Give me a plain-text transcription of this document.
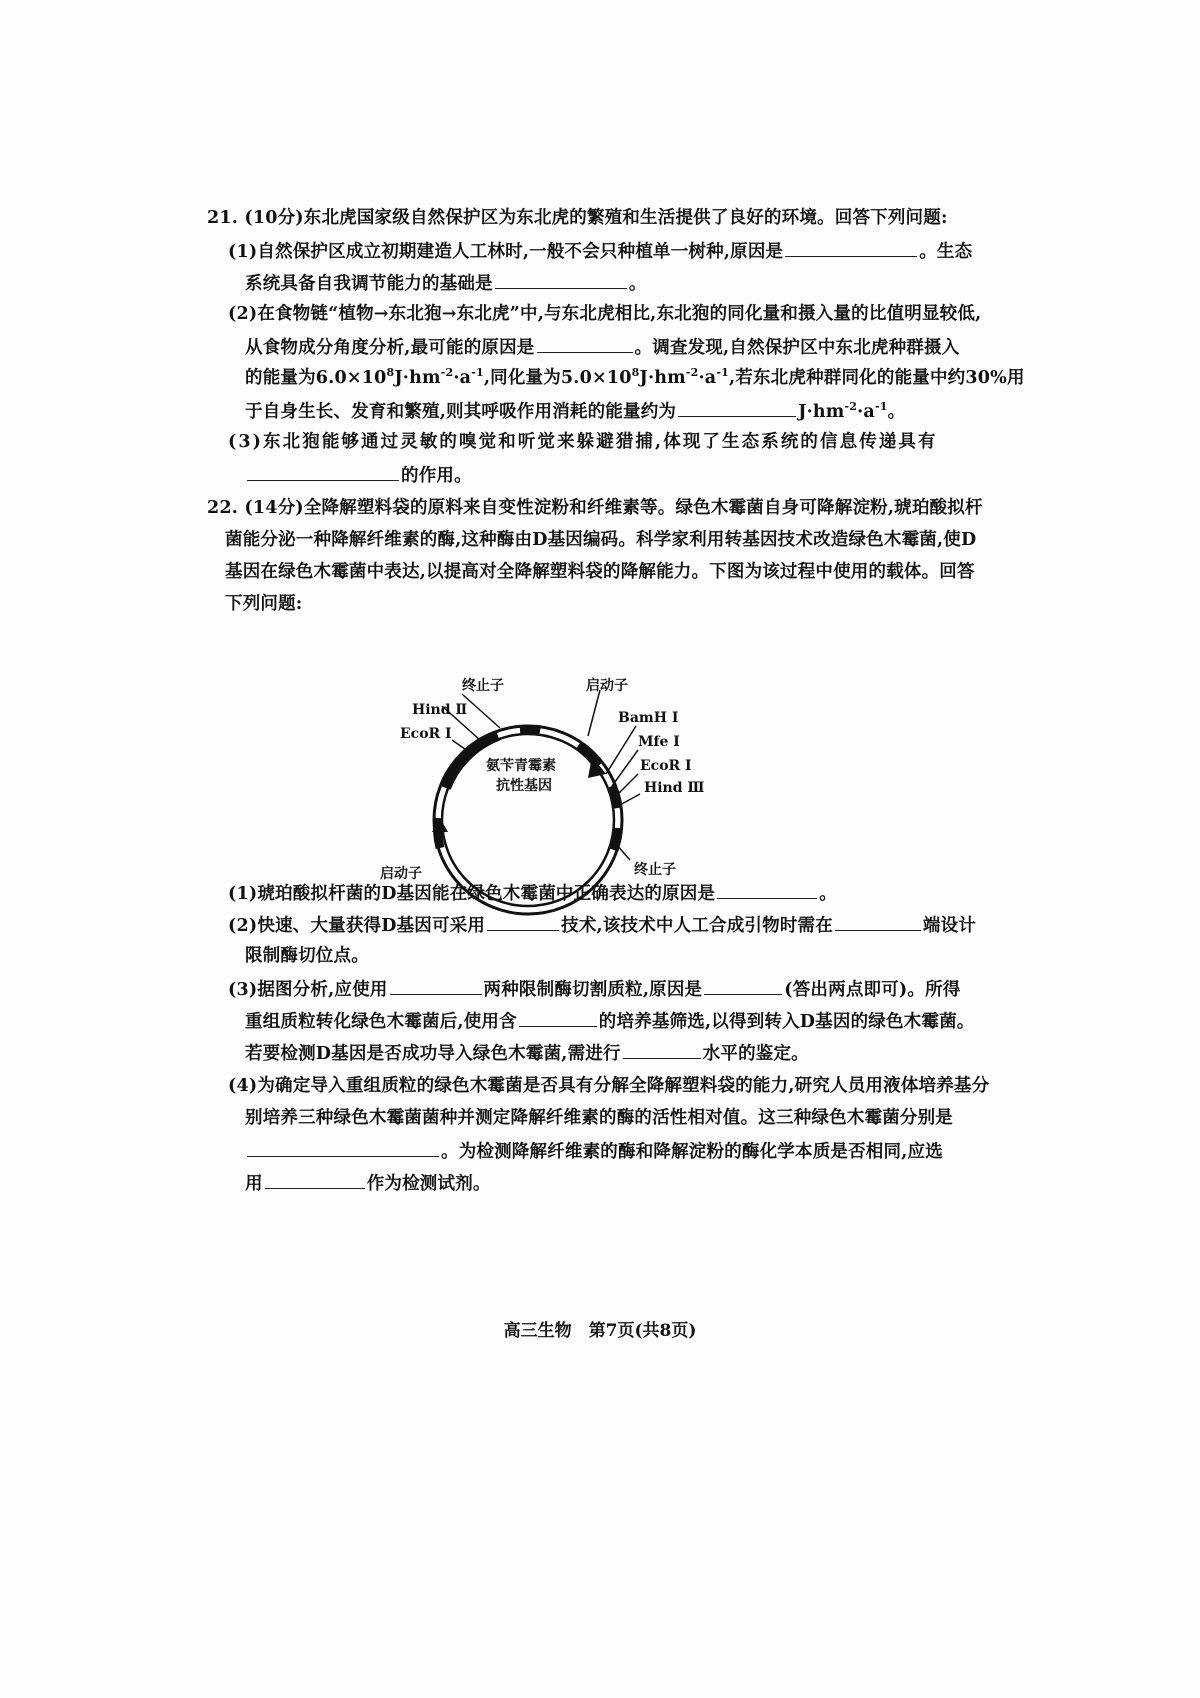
21. (10分)东北虎国家级自然保护区为东北虎的繁殖和生活提供了良好的环境。回答下列问题:
(1)自然保护区成立初期建造人工林时,一般不会只种植单一树种,原因是	。生态
系统具备自我调节能力的基础是	。
(2)在食物链“植物→东北狍→东北虎”中,与东北虎相比,东北狍的同化量和摄入量的比值明显较低,
从食物成分角度分析,最可能的原因是	。调查发现,自然保护区中东北虎种群摄入
的能量为$6.0\times 10^8J\cdot hm^{-2}\cdot a^{-1}$,同化量为$5.0\times 10^8J\cdot hm^{-2}\cdot a^{-1}$,若东北虎种群同化的能量中约30%用
于自身生长、发育和繁殖,则其呼吸作用消耗的能量约为	$J\cdot hm^{-2}\cdot a^{-1}$。
(3)东北狍能够通过灵敏的嗅觉和听觉来躲避猎捕,体现了生态系统的信息传递具有
的作用。
22. (14分)全降解塑料袋的原料来自变性淀粉和纤维素等。绿色木霉菌自身可降解淀粉,琥珀酸拟杆
菌能分泌一种降解纤维素的酶,这种酶由D基因编码。科学家利用转基因技术改造绿色木霉菌,使D
基因在绿色木霉菌中表达,以提高对全降解塑料袋的降解能力。下图为该过程中使用的载体。回答
下列问题:
终止子	启动子
Hind Ⅱ
EcoR I
BamH I
Mfe I
EcoR I
Hind Ⅲ
氨苄青霉素
抗性基因
启动子	终止子
(1)琥珀酸拟杆菌的D基因能在绿色木霉菌中正确表达的原因是	。
(2)快速、大量获得D基因可采用	技术,该技术中人工合成引物时需在	端设计
限制酶切位点。
(3)据图分析,应使用	两种限制酶切割质粒,原因是	(答出两点即可)。所得
重组质粒转化绿色木霉菌后,使用含	的培养基筛选,以得到转入D基因的绿色木霉菌。
若要检测D基因是否成功导入绿色木霉菌,需进行	水平的鉴定。
(4)为确定导入重组质粒的绿色木霉菌是否具有分解全降解塑料袋的能力,研究人员用液体培养基分
别培养三种绿色木霉菌菌种并测定降解纤维素的酶的活性相对值。这三种绿色木霉菌分别是
。为检测降解纤维素的酶和降解淀粉的酶化学本质是否相同,应选
用	作为检测试剂。
高三生物　第7页(共8页)
